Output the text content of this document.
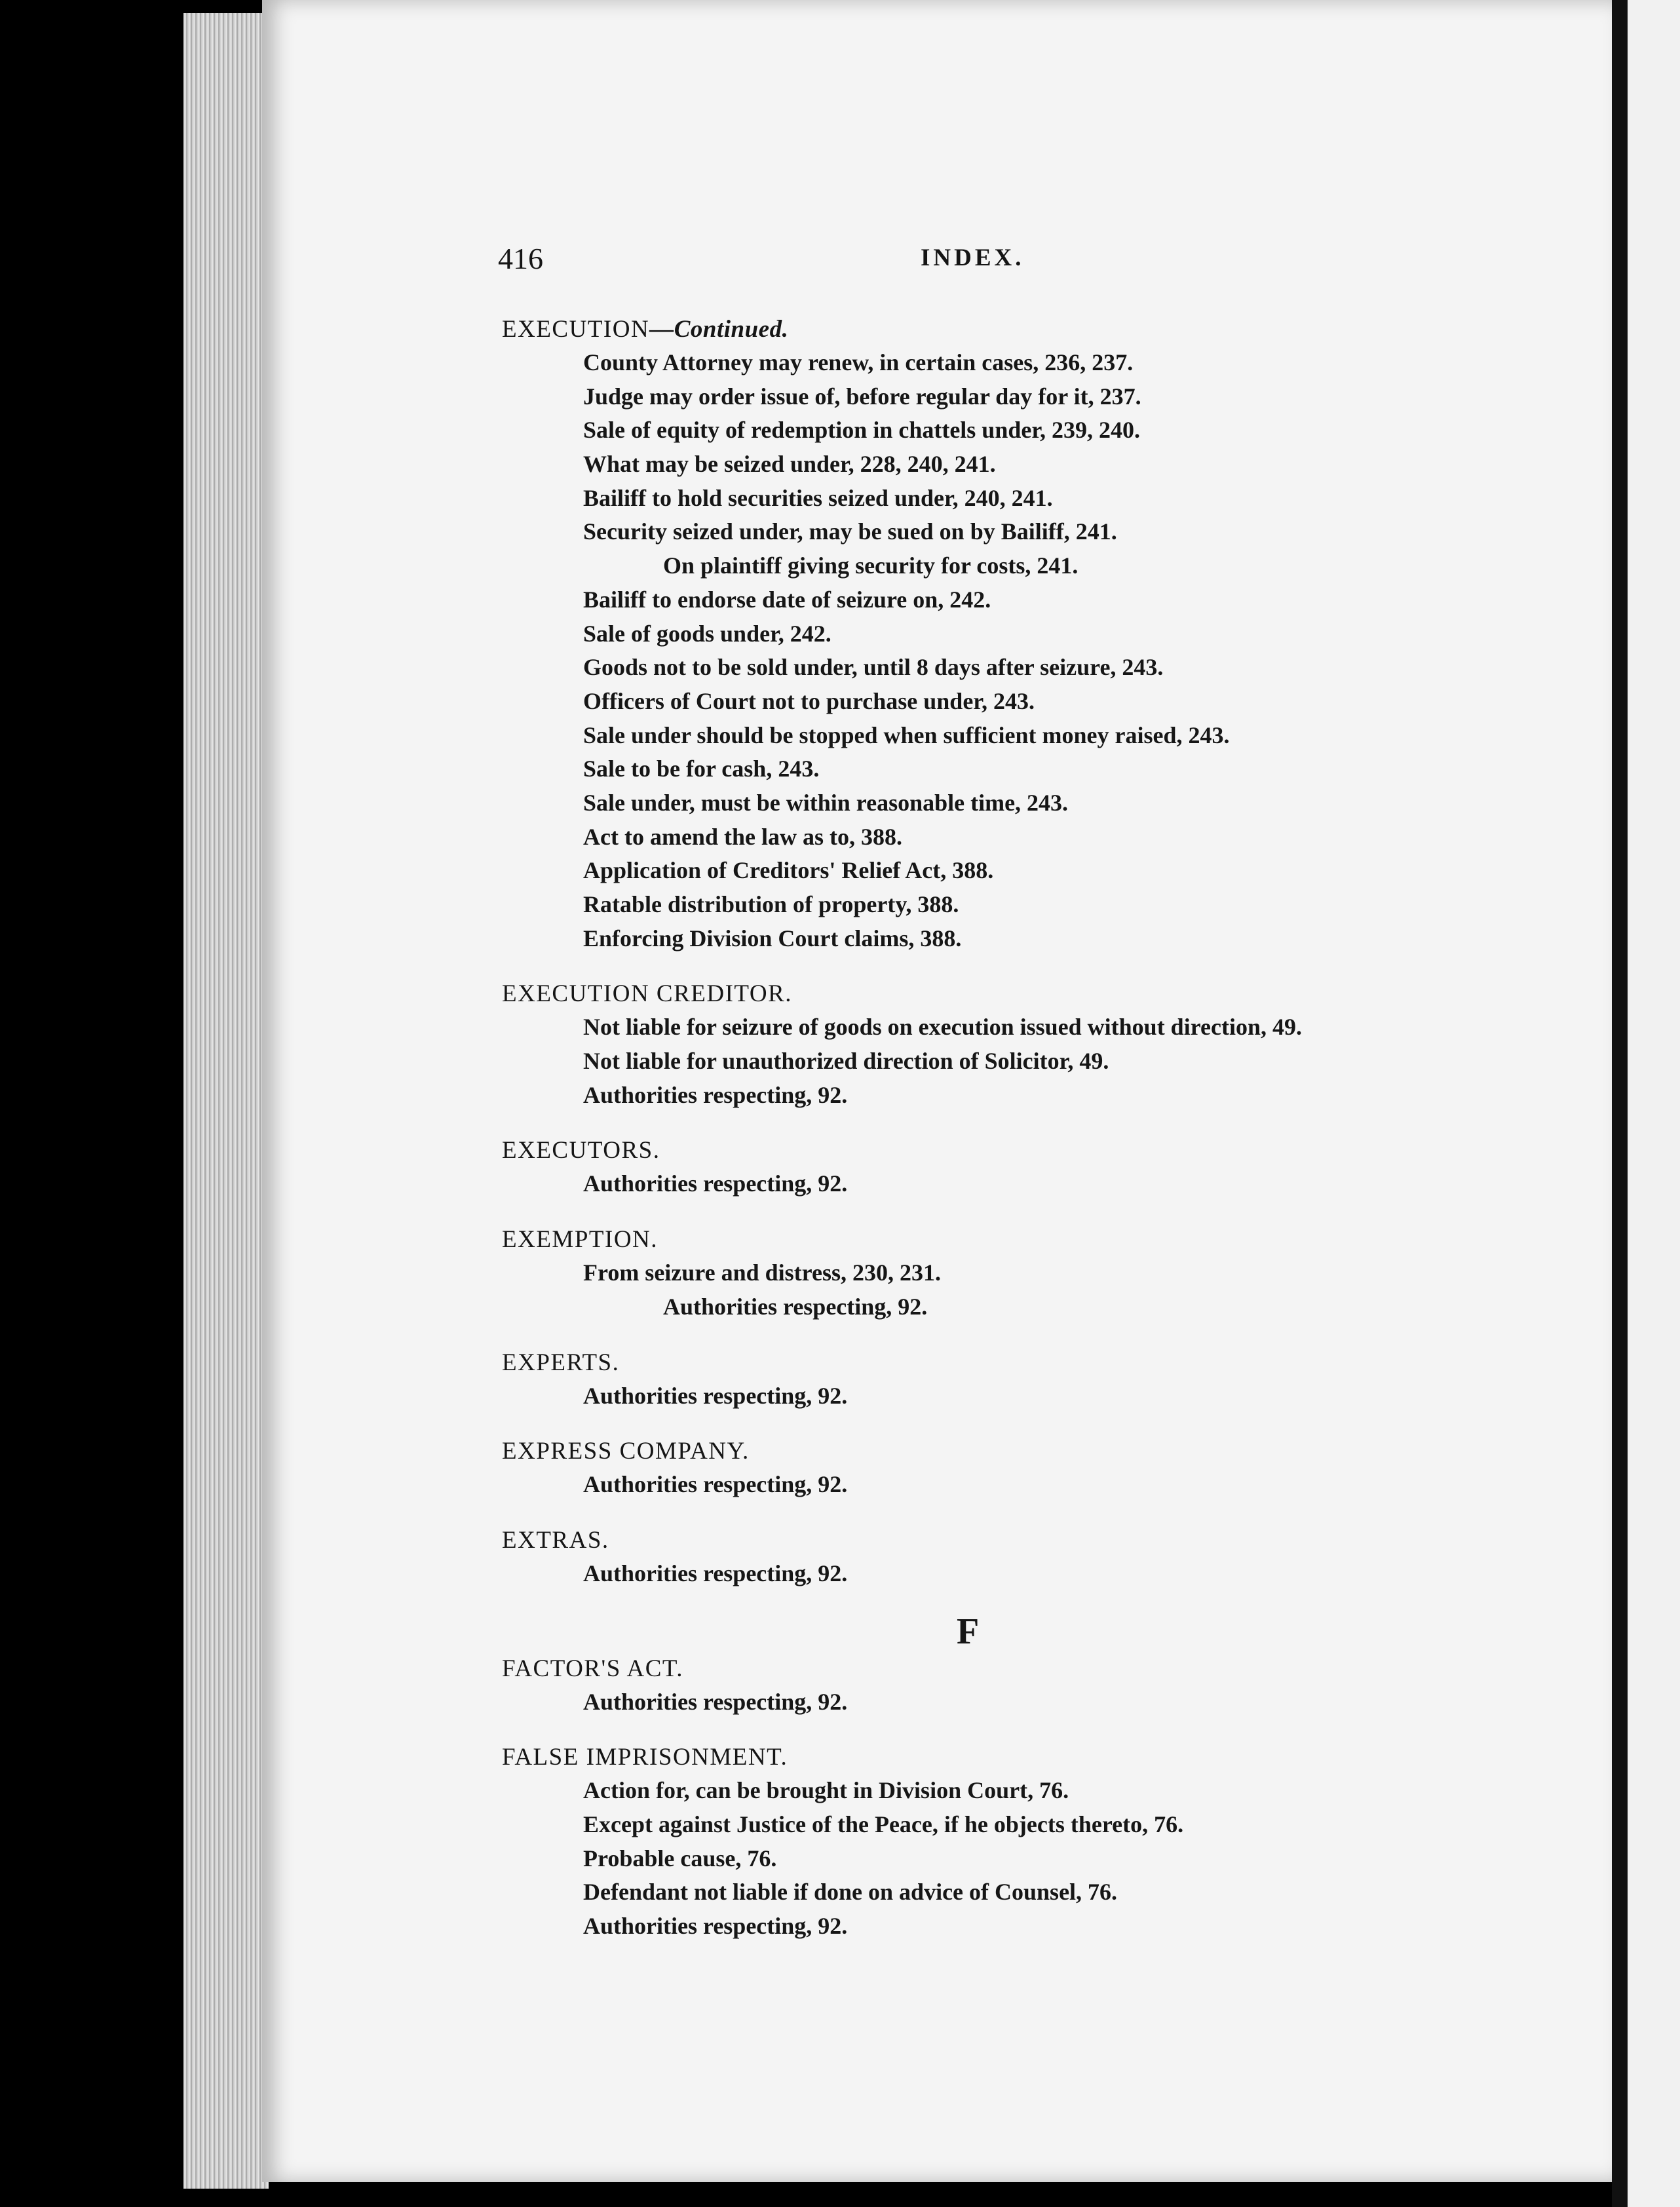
416	INDEX.
EXECUTION—Continued.
County Attorney may renew, in certain cases, 236, 237.
Judge may order issue of, before regular day for it, 237.
Sale of equity of redemption in chattels under, 239, 240.
What may be seized under, 228, 240, 241.
Bailiff to hold securities seized under, 240, 241.
Security seized under, may be sued on by Bailiff, 241.
On plaintiff giving security for costs, 241.
Bailiff to endorse date of seizure on, 242.
Sale of goods under, 242.
Goods not to be sold under, until 8 days after seizure, 243.
Officers of Court not to purchase under, 243.
Sale under should be stopped when sufficient money raised, 243.
Sale to be for cash, 243.
Sale under, must be within reasonable time, 243.
Act to amend the law as to, 388.
Application of Creditors' Relief Act, 388.
Ratable distribution of property, 388.
Enforcing Division Court claims, 388.
EXECUTION CREDITOR.
Not liable for seizure of goods on execution issued without direction, 49.
Not liable for unauthorized direction of Solicitor, 49.
Authorities respecting, 92.
EXECUTORS.
Authorities respecting, 92.
EXEMPTION.
From seizure and distress, 230, 231.
Authorities respecting, 92.
EXPERTS.
Authorities respecting, 92.
EXPRESS COMPANY.
Authorities respecting, 92.
EXTRAS.
Authorities respecting, 92.
F
FACTOR'S ACT.
Authorities respecting, 92.
FALSE IMPRISONMENT.
Action for, can be brought in Division Court, 76.
Except against Justice of the Peace, if he objects thereto, 76.
Probable cause, 76.
Defendant not liable if done on advice of Counsel, 76.
Authorities respecting, 92.
